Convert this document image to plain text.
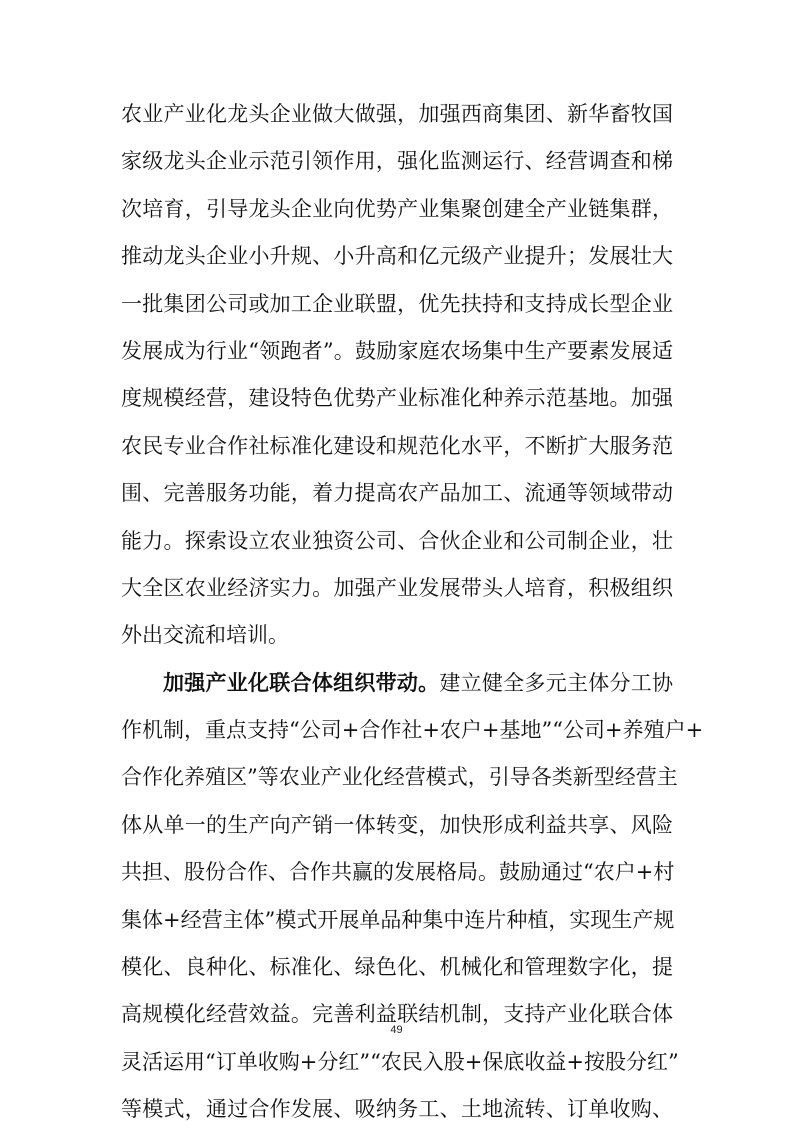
农业产业化龙头企业做大做强，加强西商集团、新华畜牧国
家级龙头企业示范引领作用，强化监测运行、经营调查和梯
次培育，引导龙头企业向优势产业集聚创建全产业链集群，
推动龙头企业小升规、小升高和亿元级产业提升；发展壮大
一批集团公司或加工企业联盟，优先扶持和支持成长型企业
发展成为行业“领跑者”。鼓励家庭农场集中生产要素发展适
度规模经营，建设特色优势产业标准化种养示范基地。加强
农民专业合作社标准化建设和规范化水平，不断扩大服务范
围、完善服务功能，着力提高农产品加工、流通等领域带动
能力。探索设立农业独资公司、合伙企业和公司制企业，壮
大全区农业经济实力。加强产业发展带头人培育，积极组织
外出交流和培训。
加强产业化联合体组织带动。建立健全多元主体分工协
作机制，重点支持“公司+合作社+农户+基地”“公司+养殖户+
合作化养殖区”等农业产业化经营模式，引导各类新型经营主
体从单一的生产向产销一体转变，加快形成利益共享、风险
共担、股份合作、合作共赢的发展格局。鼓励通过“农户+村
集体+经营主体”模式开展单品种集中连片种植，实现生产规
模化、良种化、标准化、绿色化、机械化和管理数字化，提
高规模化经营效益。完善利益联结机制，支持产业化联合体
灵活运用“订单收购+分红”“农民入股+保底收益+按股分红”
等模式，通过合作发展、吸纳务工、土地流转、订单收购、
49
